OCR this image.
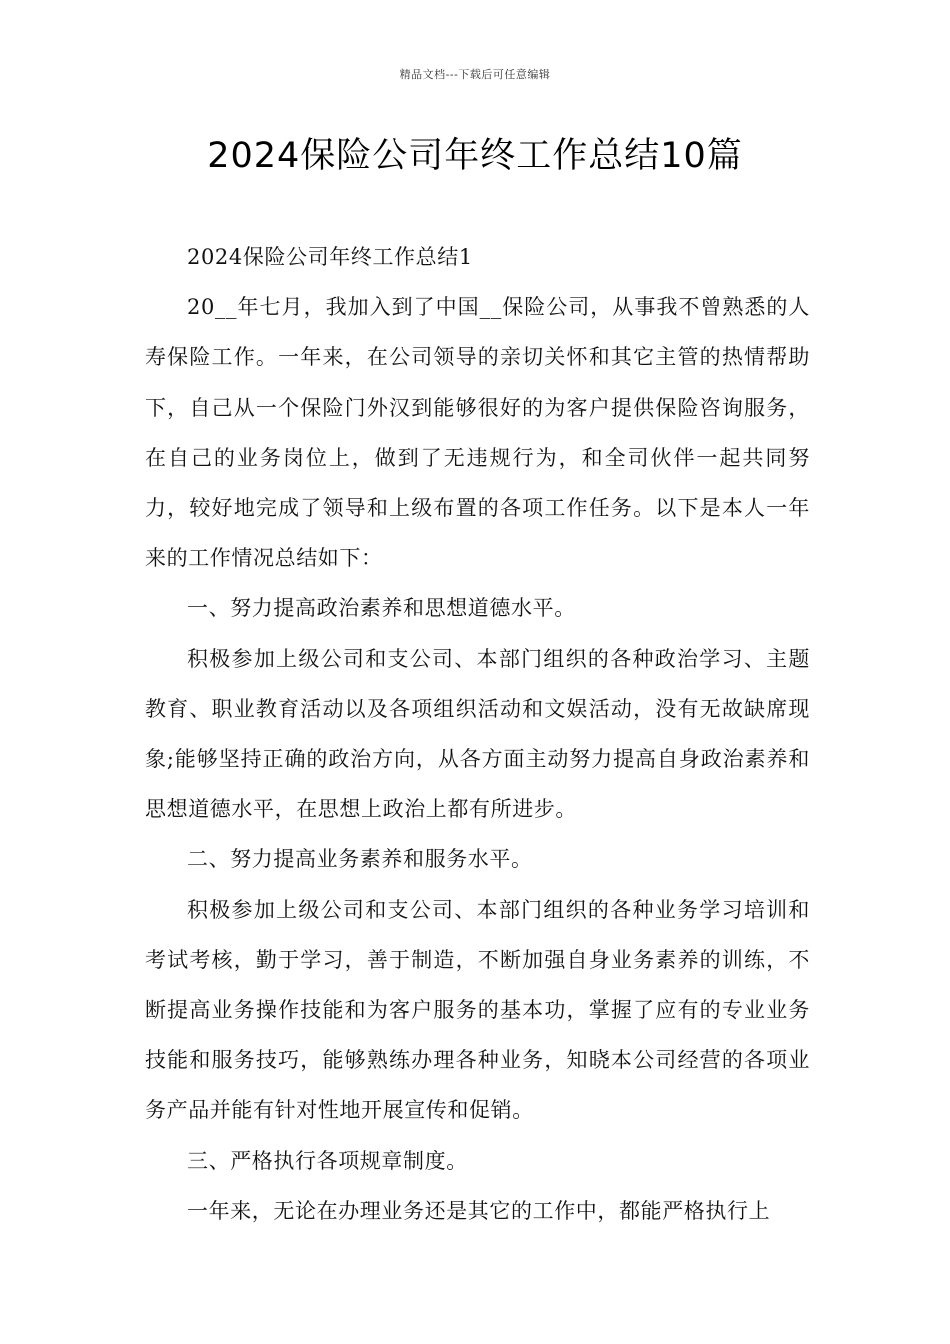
精品文档---下载后可任意编辑
2024保险公司年终工作总结10篇

2024保险公司年终工作总结1

20__年七月，我加入到了中国__保险公司，从事我不曾熟悉的人寿保险工作。一年来，在公司领导的亲切关怀和其它主管的热情帮助下，自己从一个保险门外汉到能够很好的为客户提供保险咨询服务，在自己的业务岗位上，做到了无违规行为，和全司伙伴一起共同努力，较好地完成了领导和上级布置的各项工作任务。以下是本人一年来的工作情况总结如下：

一、努力提高政治素养和思想道德水平。

积极参加上级公司和支公司、本部门组织的各种政治学习、主题教育、职业教育活动以及各项组织活动和文娱活动，没有无故缺席现象;能够坚持正确的政治方向，从各方面主动努力提高自身政治素养和思想道德水平，在思想上政治上都有所进步。

二、努力提高业务素养和服务水平。

积极参加上级公司和支公司、本部门组织的各种业务学习培训和考试考核，勤于学习，善于制造，不断加强自身业务素养的训练，不断提高业务操作技能和为客户服务的基本功，掌握了应有的专业业务技能和服务技巧，能够熟练办理各种业务，知晓本公司经营的各项业务产品并能有针对性地开展宣传和促销。

三、严格执行各项规章制度。

一年来，无论在办理业务还是其它的工作中，都能严格执行上
